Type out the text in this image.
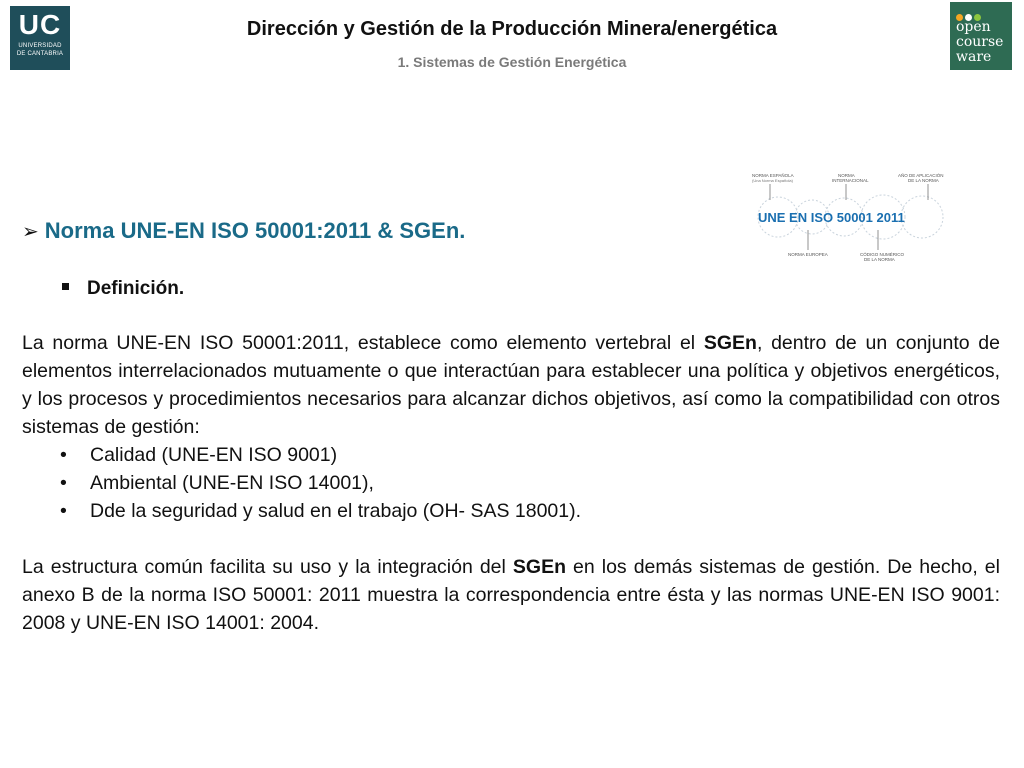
UC
UNIVERSIDAD
DE CANTABRIA
Dirección y Gestión de la Producción Minera/energética
1. Sistemas de Gestión Energética
open
course
ware
NORMA ESPAÑOLA
(Una Norma Española)
NORMA
INTERNACIONAL
AÑO DE APLICACIÓN
DE LA NORMA
UNE EN ISO 50001 2011
NORMA EUROPEA	CÓDIGO NUMÉRICO
DE LA NORMA
➢ Norma UNE-EN ISO 50001:2011 & SGEn.
Definición.
La norma UNE-EN ISO 50001:2011, establece como elemento vertebral el SGEn, dentro de un conjunto de elementos interrelacionados mutuamente o que interactúan para establecer una política y objetivos energéticos, y los procesos y procedimientos necesarios para alcanzar dichos objetivos, así como la compatibilidad con otros sistemas de gestión:
• Calidad (UNE-EN ISO 9001)
• Ambiental (UNE-EN ISO 14001),
• Dde la seguridad y salud en el trabajo (OH- SAS 18001).
La estructura común facilita su uso y la integración del SGEn en los demás sistemas de gestión. De hecho, el anexo B de la norma ISO 50001: 2011 muestra la correspondencia entre ésta y las normas UNE-EN ISO 9001: 2008 y UNE-EN ISO 14001: 2004.
